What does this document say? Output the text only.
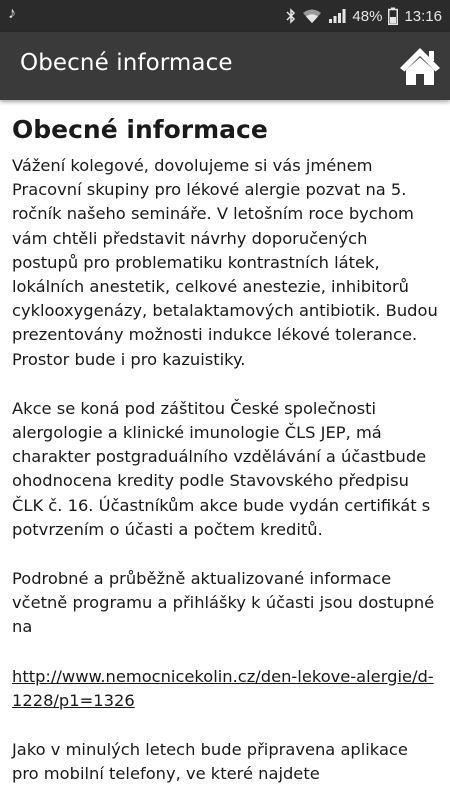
♪	48% 13:16
Obecné informace
Obecné informace

Vážení kolegové, dovolujeme si vás jménem Pracovní skupiny pro lékové alergie pozvat na 5. ročník našeho semináře. V letošním roce bychom vám chtěli představit návrhy doporučených postupů pro problematiku kontrastních látek, lokálních anestetik, celkové anestezie, inhibitorů cyklooxygenázy, betalaktamových antibiotik. Budou prezentovány možnosti indukce lékové tolerance. Prostor bude i pro kazuistiky.

Akce se koná pod záštitou České společnosti alergologie a klinické imunologie ČLS JEP, má charakter postgraduálního vzdělávání a účastbude ohodnocena kredity podle Stavovského předpisu ČLK č. 16. Účastníkům akce bude vydán certifikát s potvrzením o účasti a počtem kreditů.

Podrobné a průběžně aktualizované informace včetně programu a přihlášky k účasti jsou dostupné na

http://www.nemocnicekolin.cz/den-lekove-alergie/d-1228/p1=1326

Jako v minulých letech bude připravena aplikace pro mobilní telefony, ve které najdete
